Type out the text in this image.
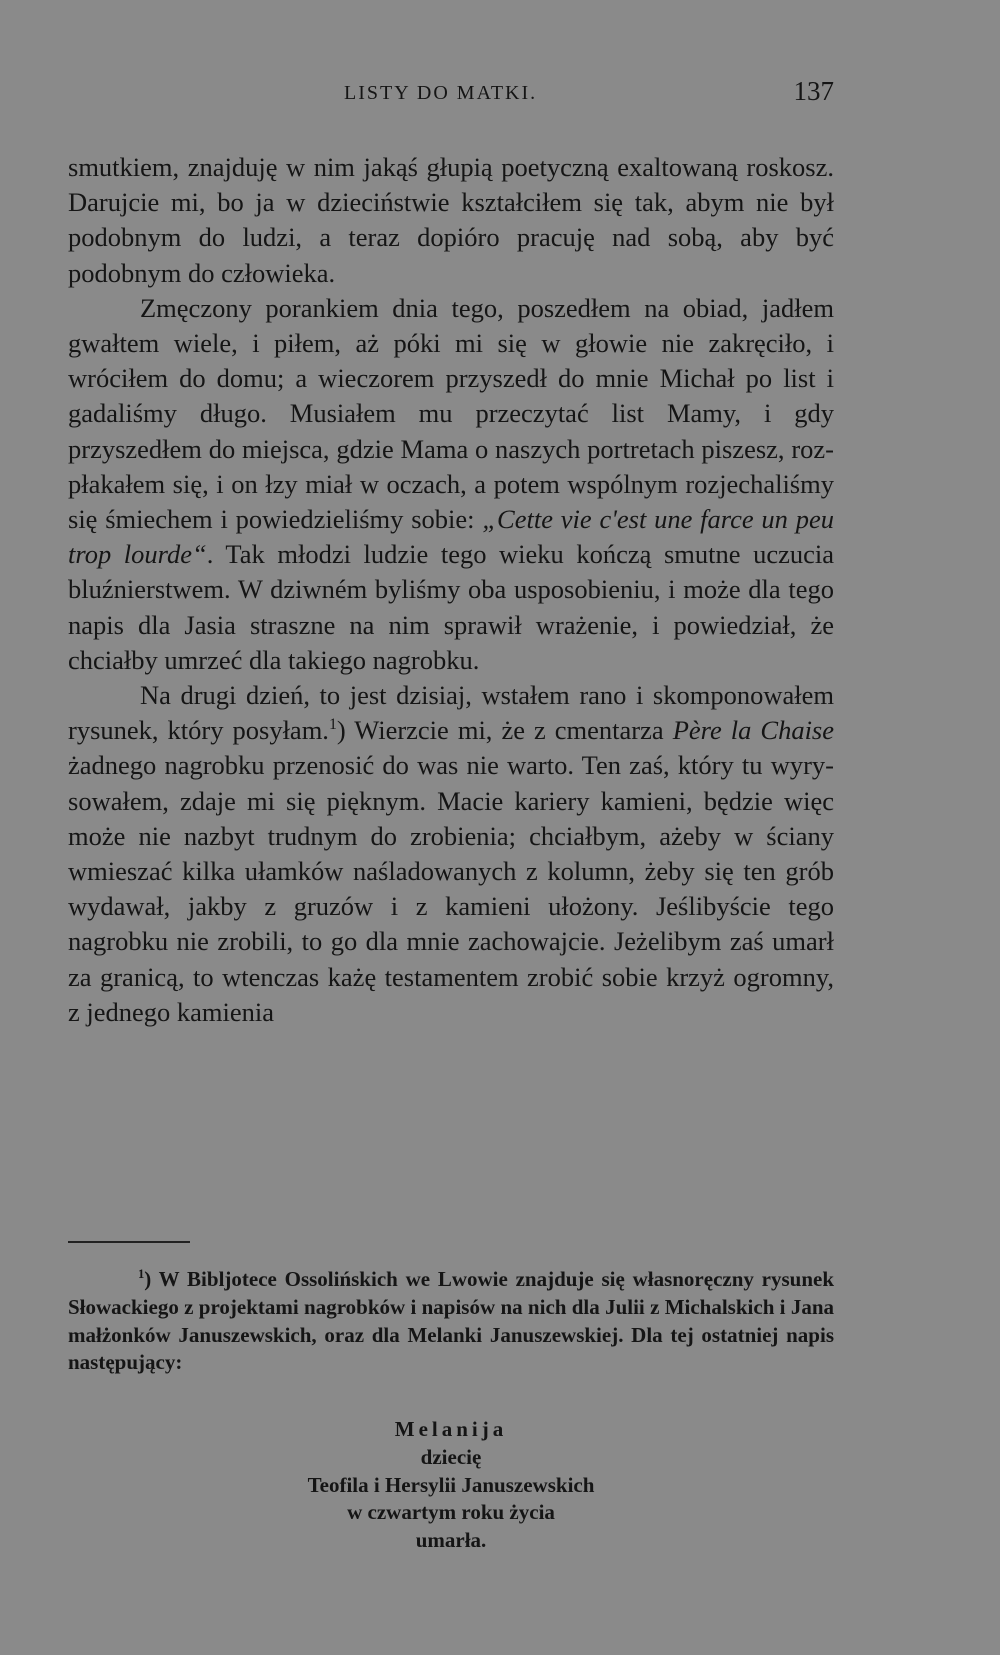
LISTY DO MATKI.	137

smutkiem, znajduję w nim jakąś głupią poetyczną exaltowaną roskosz. Darujcie mi, bo ja w dzieciństwie kształciłem się tak, abym nie był podobnym do ludzi, a teraz dopióro pracuję nad sobą, aby być podobnym do człowieka.

Zmęczony porankiem dnia tego, poszedłem na obiad, jadłem gwałtem wiele, i piłem, aż póki mi się w głowie nie zakręciło, i wróciłem do domu; a wieczorem przyszedł do mnie Michał po list i gadaliśmy długo. Musiałem mu przeczytać list Mamy, i gdy przyszedłem do miejsca, gdzie Mama o naszych portretach piszesz, rozpłakałem się, i on łzy miał w oczach, a potem wspólnym rozjechaliśmy się śmiechem i powiedzieliśmy sobie: „Cette vie c'est une farce un peu trop lourde“. Tak młodzi ludzie tego wieku kończą smutne uczucia bluźnierstwem. W dziwném byliśmy oba usposobieniu, i może dla tego napis dla Jasia straszne na nim sprawił wrażenie, i powiedział, że chciałby umrzeć dla takiego nagrobku.

Na drugi dzień, to jest dzisiaj, wstałem rano i skomponowałem rysunek, który posyłam.$^1$) Wierzcie mi, że z cmentarza Père la Chaise żadnego nagrobku przenosić do was nie warto. Ten zaś, który tu wyrysowałem, zdaje mi się pięknym. Macie kariery kamieni, będzie więc może nie nazbyt trudnym do zrobienia; chciałbym, ażeby w ściany wmieszać kilka ułamków naśladowanych z kolumn, żeby się ten grób wydawał, jakby z gruzów i z kamieni ułożony. Jeślibyście tego nagrobku nie zrobili, to go dla mnie zachowajcie. Jeżelibym zaś umarł za granicą, to wtenczas każę testamentem zrobić sobie krzyż ogromny, z jednego kamienia

$^1$) W Bibljotece Ossolińskich we Lwowie znajduje się własnoręczny rysunek Słowackiego z projektami nagrobków i napisów na nich dla Julii z Michalskich i Jana małżonków Januszewskich, oraz dla Melanki Januszewskiej. Dla tej ostatniej napis następujący:

Melanija
dziecię
Teofila i Hersylii Januszewskich
w czwartym roku życia
umarła.
